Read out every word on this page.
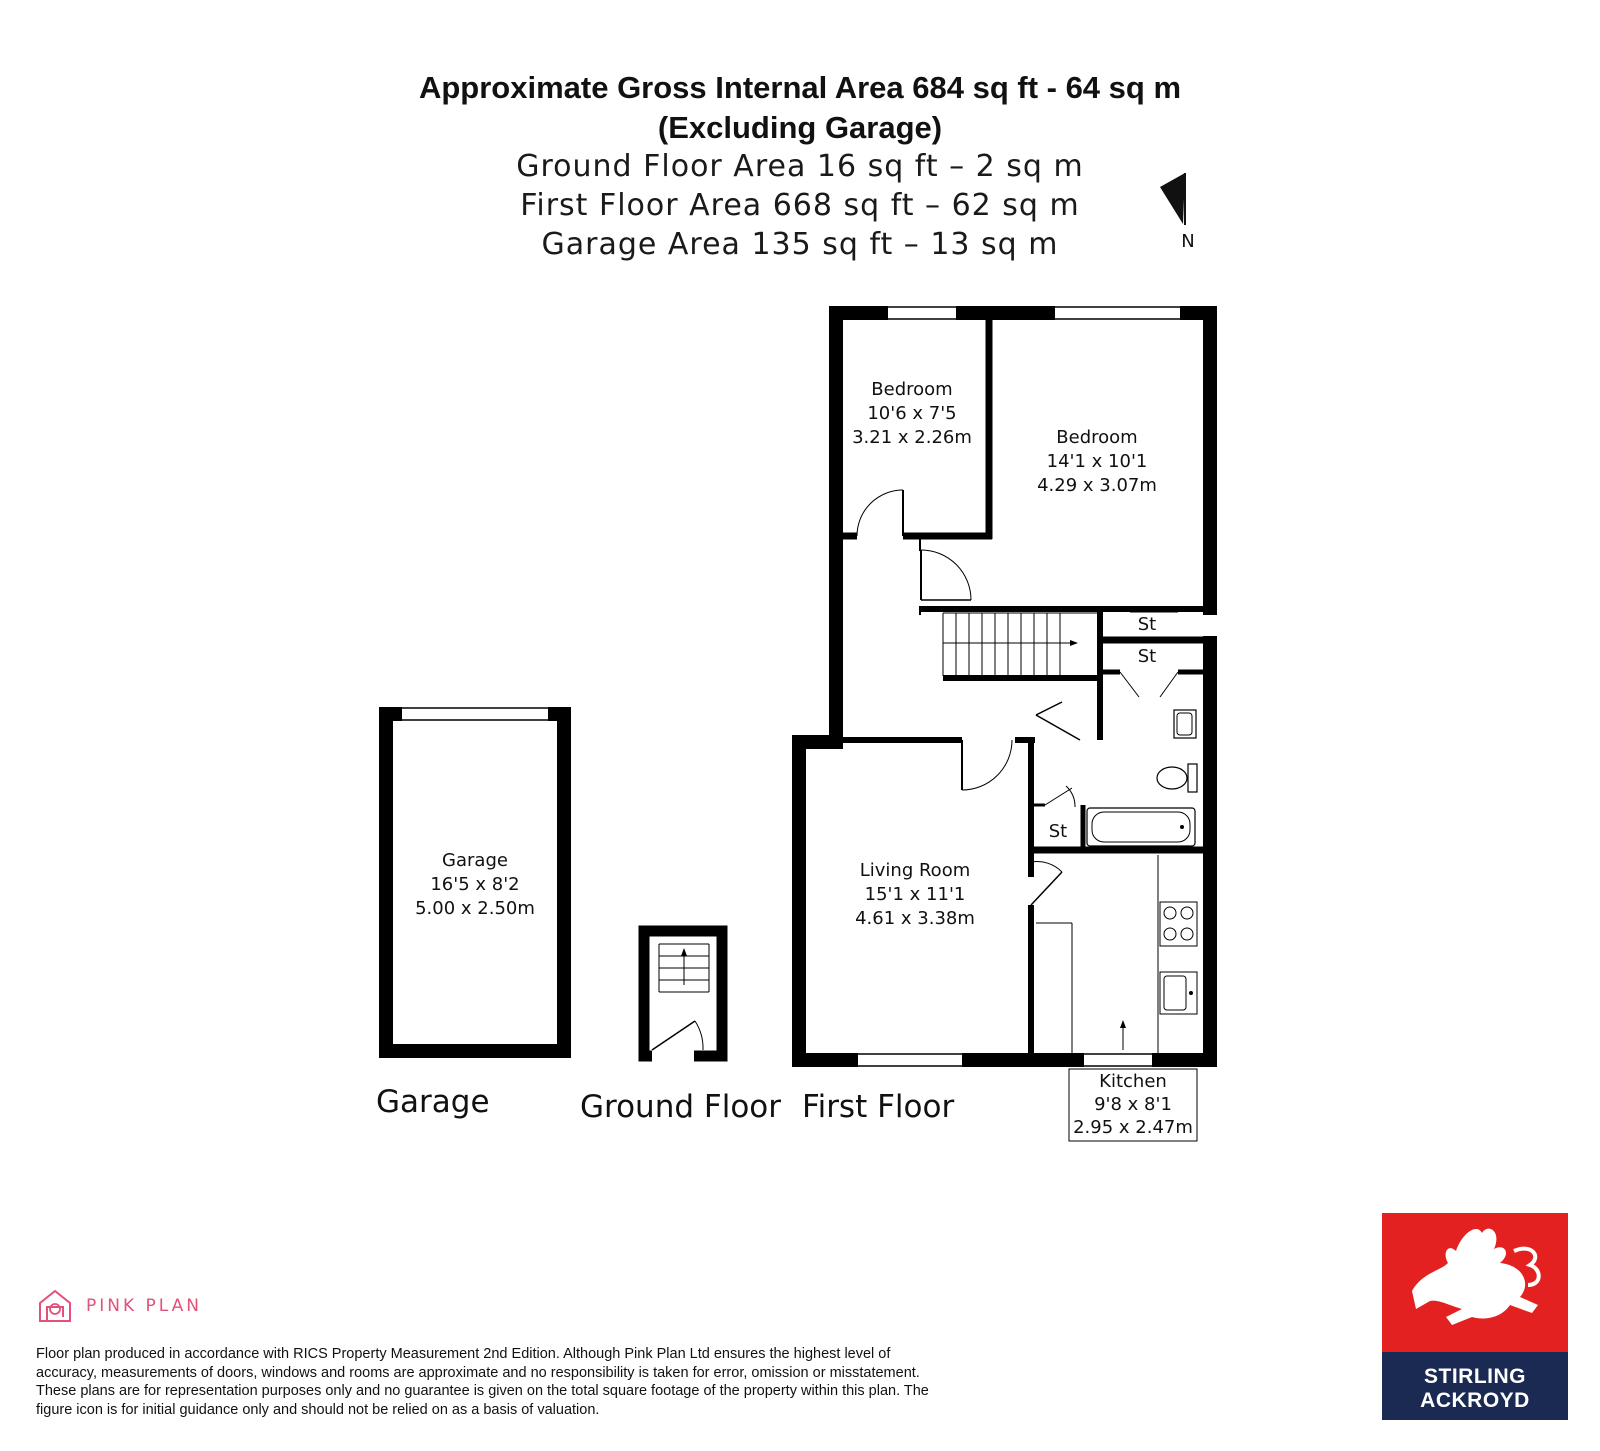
Approximate Gross Internal Area 684 sq ft - 64 sq m
(Excluding Garage)
Ground Floor Area 16 sq ft – 2 sq m
First Floor Area 668 sq ft – 62 sq m
Garage Area 135 sq ft – 13 sq m	N
Garage
16'5 x 8'2
5.00 x 2.50m
St
St
St
Bedroom
10'6 x 7'5
3.21 x 2.26m	Bedroom
14'1 x 10'1
4.29 x 3.07m
Living Room
15'1 x 11'1
4.61 x 3.38m
Kitchen
9'8 x 8'1
2.95 x 2.47m
Garage	Ground Floor First Floor
PINK PLAN
Floor plan produced in accordance with RICS Property Measurement 2nd Edition. Although Pink Plan Ltd ensures the highest level of accuracy, measurements of doors, windows and rooms are approximate and no responsibility is taken for error, omission or misstatement. These plans are for representation purposes only and no guarantee is given on the total square footage of the property within this plan. The figure icon is for initial guidance only and should not be relied on as a basis of valuation.
STIRLING
ACKROYD
